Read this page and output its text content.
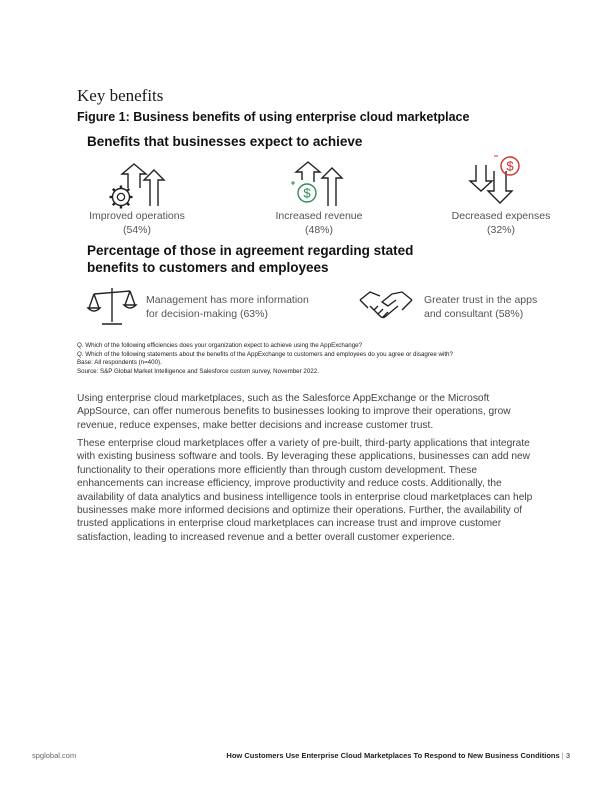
Key benefits
Figure 1: Business benefits of using enterprise cloud marketplace
Benefits that businesses expect to achieve
$
$
Improved operations
(54%)
Increased revenue
(48%)
Decreased expenses
(32%)
Percentage of those in agreement regarding stated
benefits to customers and employees
Management has more information
for decision-making (63%)
Greater trust in the apps
and consultant (58%)
Q. Which of the following efficiencies does your organization expect to achieve using the AppExchange?
Q. Which of the following statements about the benefits of the AppExchange to customers and employees do you agree or disagree with?
Base: All respondents (n=400).
Source: S&P Global Market Intelligence and Salesforce custom survey, November 2022.
Using enterprise cloud marketplaces, such as the Salesforce AppExchange or the Microsoft AppSource, can offer numerous benefits to businesses looking to improve their operations, grow revenue, reduce expenses, make better decisions and increase customer trust.
These enterprise cloud marketplaces offer a variety of pre-built, third-party applications that integrate with existing business software and tools. By leveraging these applications, businesses can add new functionality to their operations more efficiently than through custom development. These enhancements can increase efficiency, improve productivity and reduce costs. Additionally, the availability of data analytics and business intelligence tools in enterprise cloud marketplaces can help businesses make more informed decisions and optimize their operations. Further, the availability of trusted applications in enterprise cloud marketplaces can increase trust and improve customer satisfaction, leading to increased revenue and a better overall customer experience.
spglobal.com	How Customers Use Enterprise Cloud Marketplaces To Respond to New Business Conditions | 3
